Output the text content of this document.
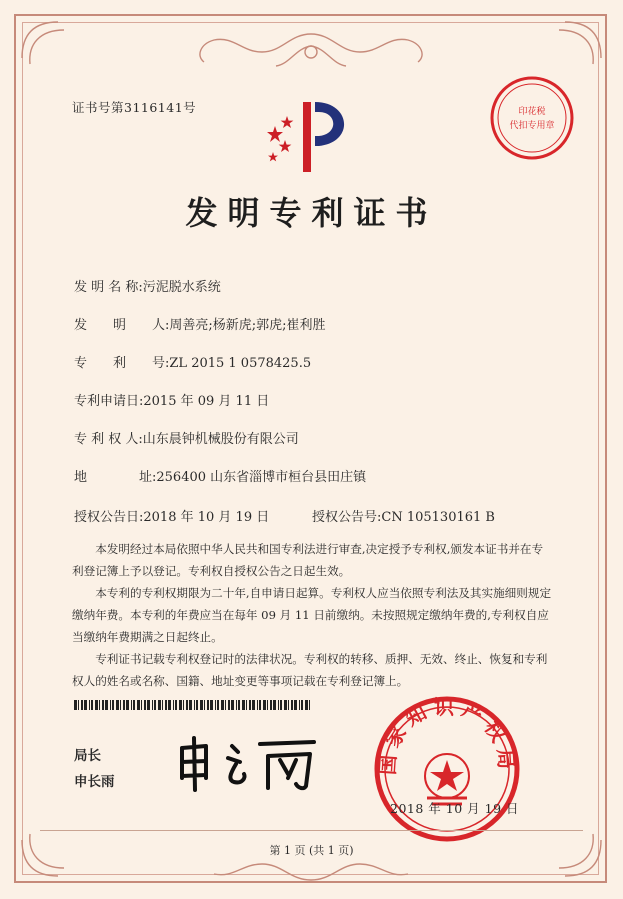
证书号第3116141号	印花税
代扣专用章
发明专利证书
发 明 名 称:污泥脱水系统
发　　明　　人:周善亮;杨新虎;郭虎;崔利胜
专　　利　　号:ZL 2015 1 0578425.5
专利申请日:2015 年 09 月 11 日
专 利 权 人:山东晨钟机械股份有限公司
地　　　　址:256400 山东省淄博市桓台县田庄镇
授权公告日:2018 年 10 月 19 日	授权公告号:CN 105130161 B

本发明经过本局依照中华人民共和国专利法进行审查,决定授予专利权,颁发本证书并在专利登记簿上予以登记。专利权自授权公告之日起生效。

本专利的专利权期限为二十年,自申请日起算。专利权人应当依照专利法及其实施细则规定缴纳年费。本专利的年费应当在每年 09 月 11 日前缴纳。未按照规定缴纳年费的,专利权自应当缴纳年费期满之日起终止。

专利证书记载专利权登记时的法律状况。专利权的转移、质押、无效、终止、恢复和专利权人的姓名或名称、国籍、地址变更等事项记载在专利登记簿上。

局长
申长雨
国家知识产权局
2018 年 10 月 19 日
第 1 页 (共 1 页)
